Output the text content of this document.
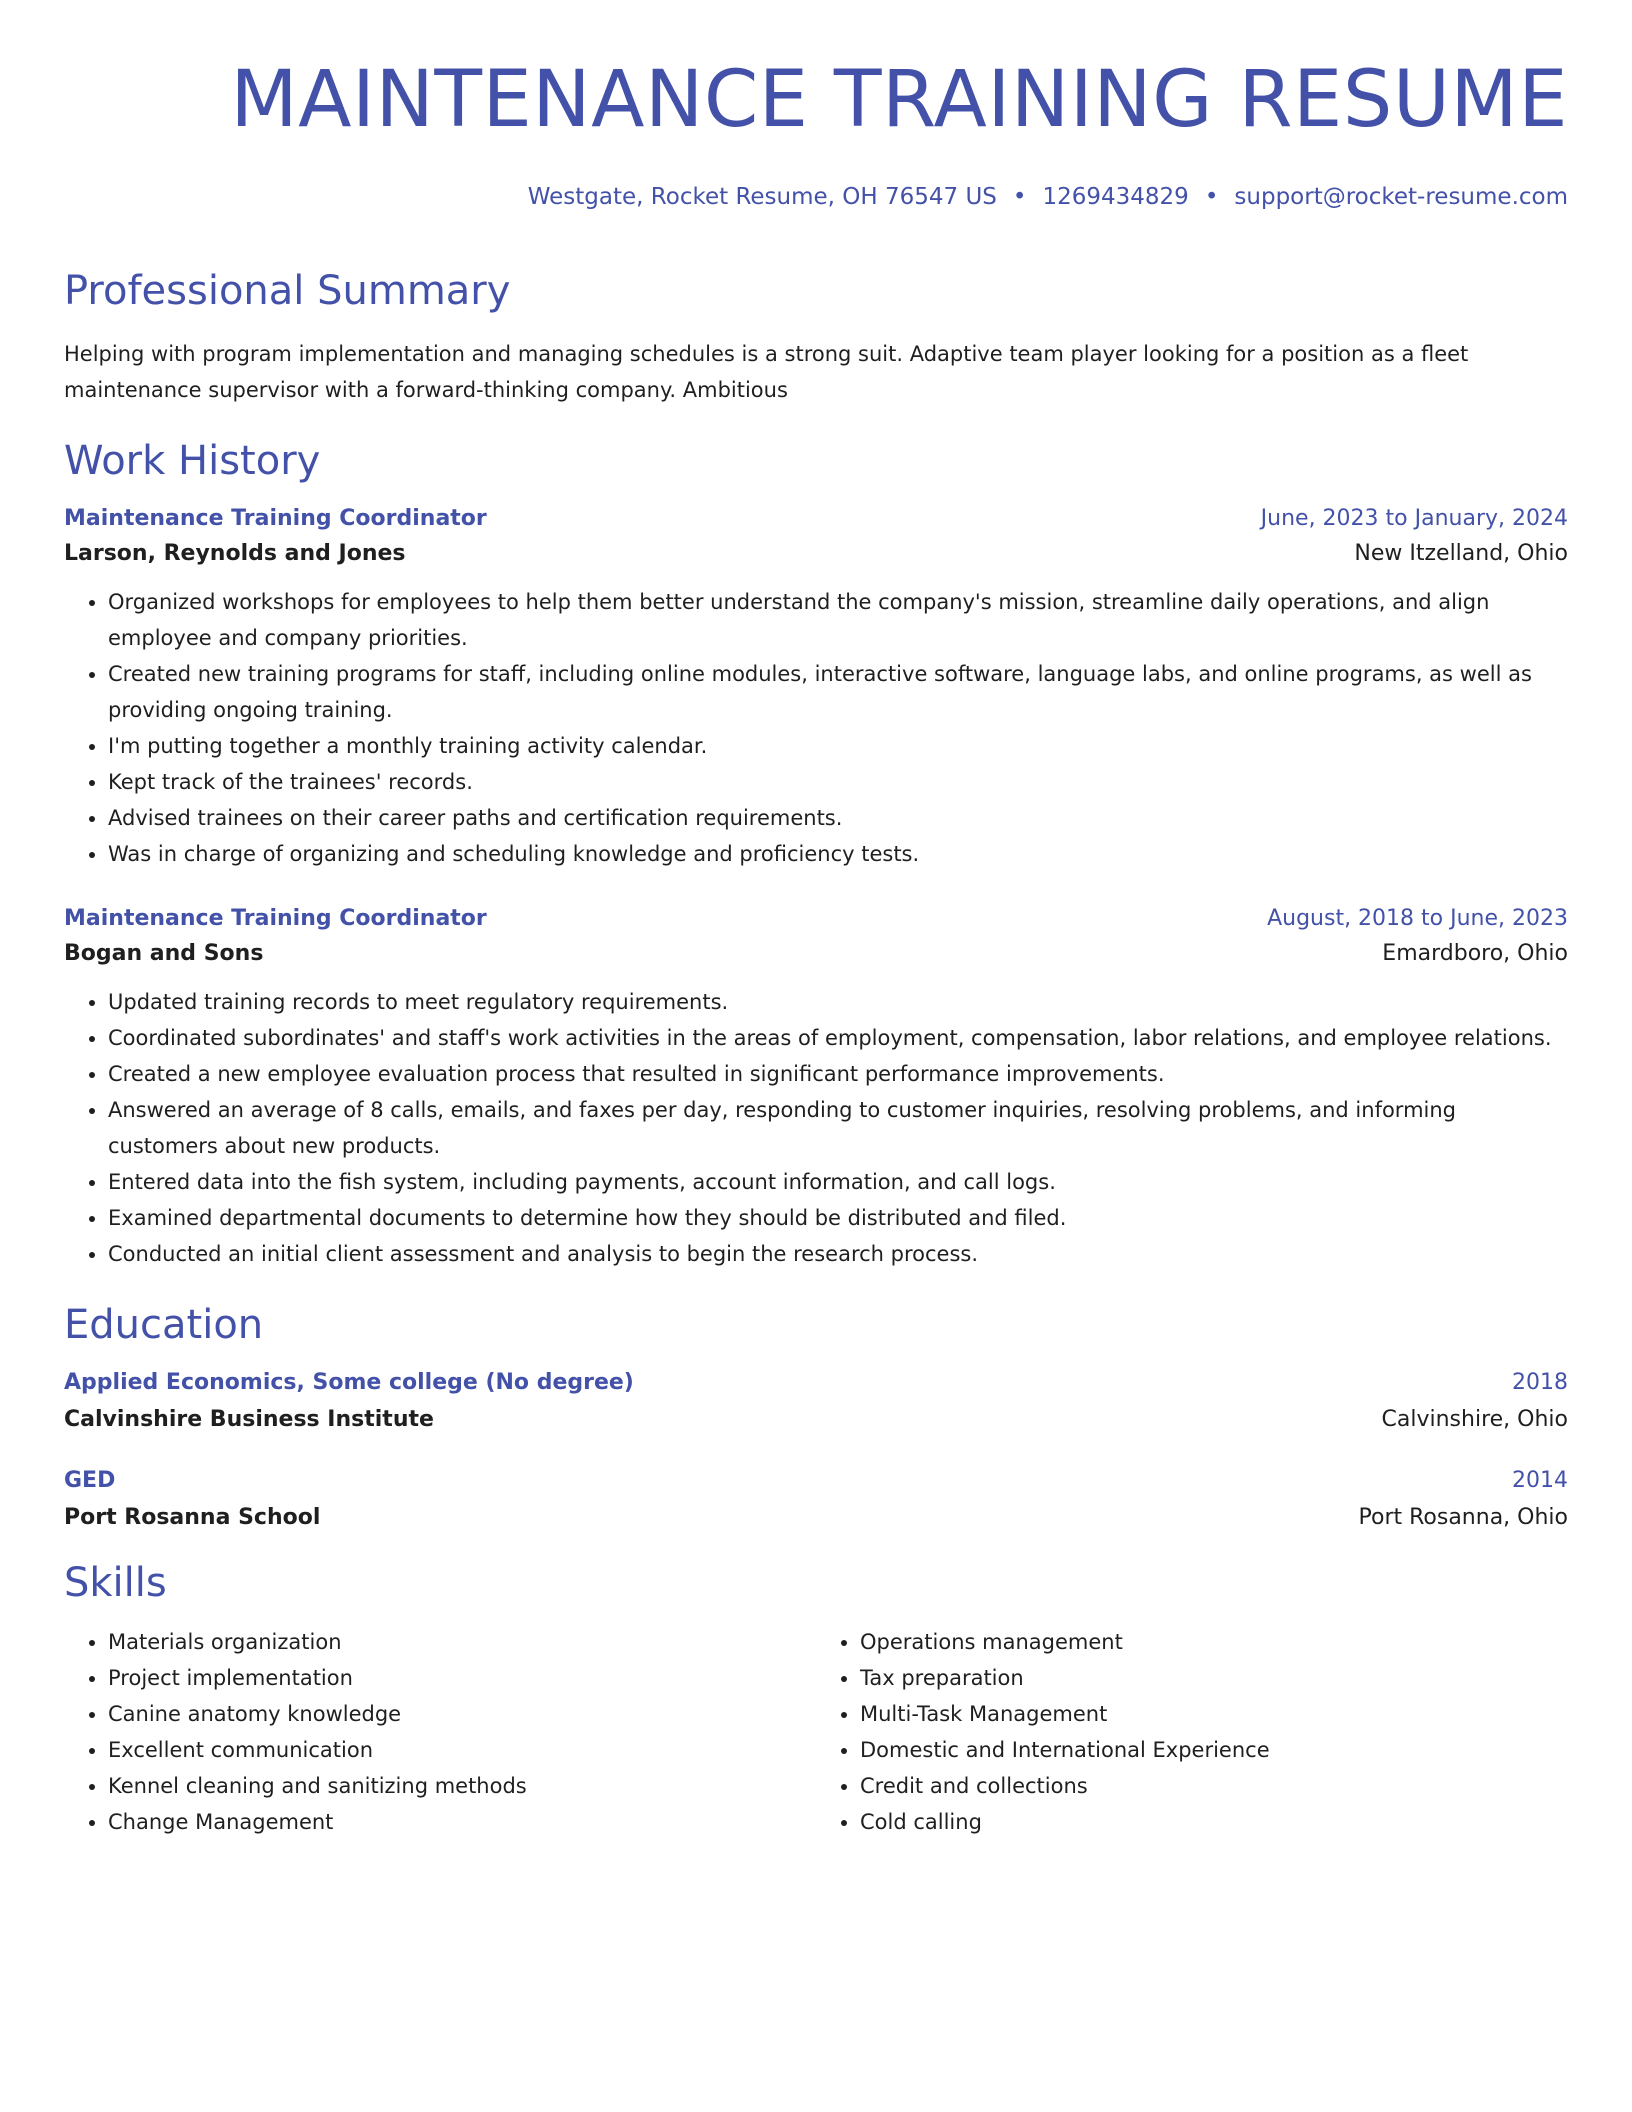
MAINTENANCE TRAINING RESUME
Westgate, Rocket Resume, OH 76547 US • 1269434829 • support@rocket-resume.com
Professional Summary
Helping with program implementation and managing schedules is a strong suit. Adaptive team player looking for a position as a fleet maintenance supervisor with a forward-thinking company. Ambitious
Work History
Maintenance Training Coordinator	June, 2023 to January, 2024
Larson, Reynolds and Jones	New Itzelland, Ohio
• Organized workshops for employees to help them better understand the company's mission, streamline daily operations, and align employee and company priorities.
• Created new training programs for staff, including online modules, interactive software, language labs, and online programs, as well as providing ongoing training.
• I'm putting together a monthly training activity calendar.
• Kept track of the trainees' records.
• Advised trainees on their career paths and certification requirements.
• Was in charge of organizing and scheduling knowledge and proficiency tests.
Maintenance Training Coordinator	August, 2018 to June, 2023
Bogan and Sons	Emardboro, Ohio
• Updated training records to meet regulatory requirements.
• Coordinated subordinates' and staff's work activities in the areas of employment, compensation, labor relations, and employee relations.
• Created a new employee evaluation process that resulted in significant performance improvements.
• Answered an average of 8 calls, emails, and faxes per day, responding to customer inquiries, resolving problems, and informing customers about new products.
• Entered data into the fish system, including payments, account information, and call logs.
• Examined departmental documents to determine how they should be distributed and filed.
• Conducted an initial client assessment and analysis to begin the research process.
Education
Applied Economics, Some college (No degree)	2018
Calvinshire Business Institute	Calvinshire, Ohio
GED	2014
Port Rosanna School	Port Rosanna, Ohio
Skills
• Materials organization
• Project implementation
• Canine anatomy knowledge
• Excellent communication
• Kennel cleaning and sanitizing methods
• Change Management
• Operations management
• Tax preparation
• Multi-Task Management
• Domestic and International Experience
• Credit and collections
• Cold calling
